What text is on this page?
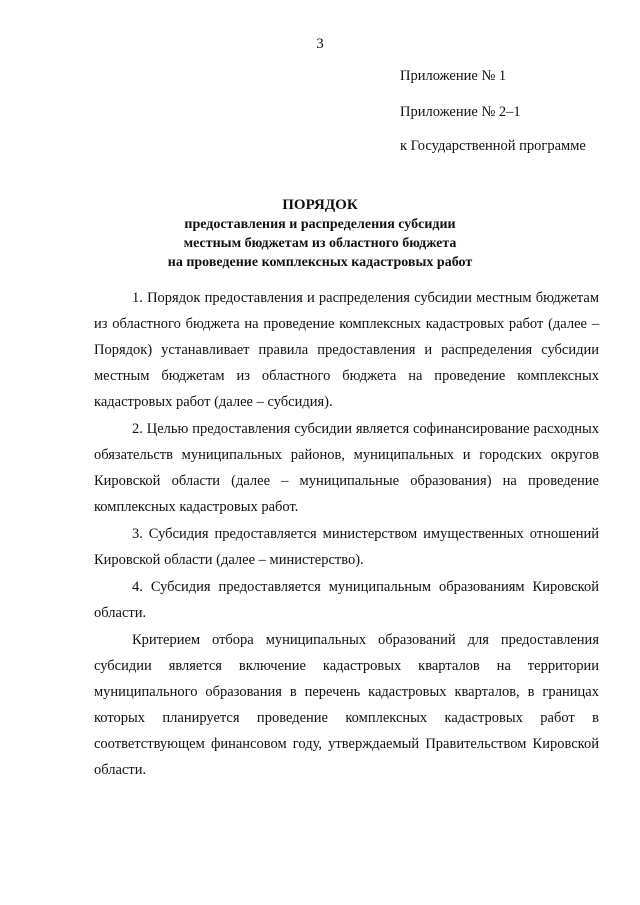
3
Приложение № 1
Приложение № 2–1
к Государственной программе
ПОРЯДОК
предоставления и распределения субсидии
местным бюджетам из областного бюджета
на проведение комплексных кадастровых работ

1. Порядок предоставления и распределения субсидии местным бюджетам из областного бюджета на проведение комплексных кадастровых работ (далее – Порядок) устанавливает правила предоставления и распределения субсидии местным бюджетам из областного бюджета на проведение комплексных кадастровых работ (далее – субсидия).

2. Целью предоставления субсидии является софинансирование расходных обязательств муниципальных районов, муниципальных и городских округов Кировской области (далее – муниципальные образования) на проведение комплексных кадастровых работ.

3. Субсидия предоставляется министерством имущественных отношений Кировской области (далее – министерство).

4. Субсидия предоставляется муниципальным образованиям Кировской области.

Критерием отбора муниципальных образований для предоставления субсидии является включение кадастровых кварталов на территории муниципального образования в перечень кадастровых кварталов, в границах которых планируется проведение комплексных кадастровых работ в соответствующем финансовом году, утверждаемый Правительством Кировской области.
